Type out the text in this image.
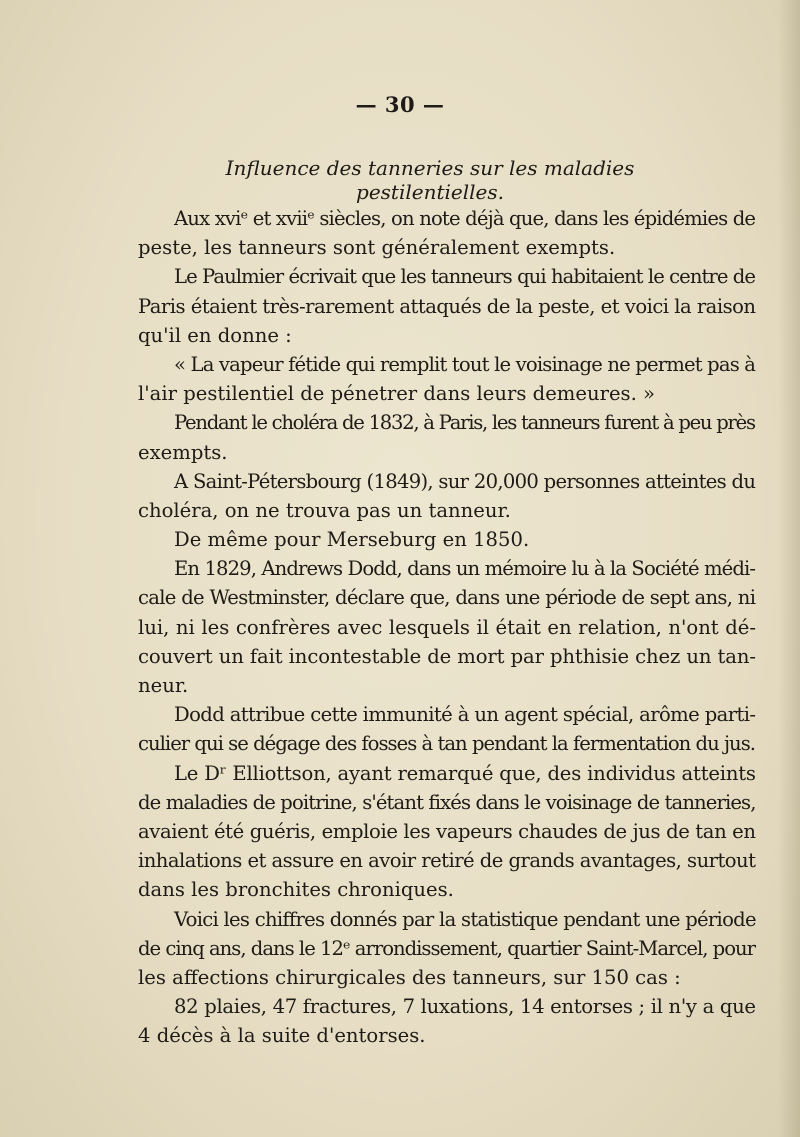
— 30 —
Influence des tanneries sur les maladies pestilentielles.
Aux xviᵉ et xviiᵉ siècles, on note déjà que, dans les épidémies de
peste, les tanneurs sont généralement exempts.
Le Paulmier écrivait que les tanneurs qui habitaient le centre de
Paris étaient très-rarement attaqués de la peste, et voici la raison
qu'il en donne :
« La vapeur fétide qui remplit tout le voisinage ne permet pas à
l'air pestilentiel de pénetrer dans leurs demeures. »
Pendant le choléra de 1832, à Paris, les tanneurs furent à peu près
exempts.
A Saint-Pétersbourg (1849), sur 20,000 personnes atteintes du
choléra, on ne trouva pas un tanneur.
De même pour Merseburg en 1850.
En 1829, Andrews Dodd, dans un mémoire lu à la Société médi-
cale de Westminster, déclare que, dans une période de sept ans, ni
lui, ni les confrères avec lesquels il était en relation, n'ont dé-
couvert un fait incontestable de mort par phthisie chez un tan-
neur.
Dodd attribue cette immunité à un agent spécial, arôme parti-
culier qui se dégage des fosses à tan pendant la fermentation du jus.
Le Dʳ Elliottson, ayant remarqué que, des individus atteints
de maladies de poitrine, s'étant fixés dans le voisinage de tanneries,
avaient été guéris, emploie les vapeurs chaudes de jus de tan en
inhalations et assure en avoir retiré de grands avantages, surtout
dans les bronchites chroniques.
Voici les chiffres donnés par la statistique pendant une période
de cinq ans, dans le 12ᵉ arrondissement, quartier Saint-Marcel, pour
les affections chirurgicales des tanneurs, sur 150 cas :
82 plaies, 47 fractures, 7 luxations, 14 entorses ; il n'y a que
4 décès à la suite d'entorses.
